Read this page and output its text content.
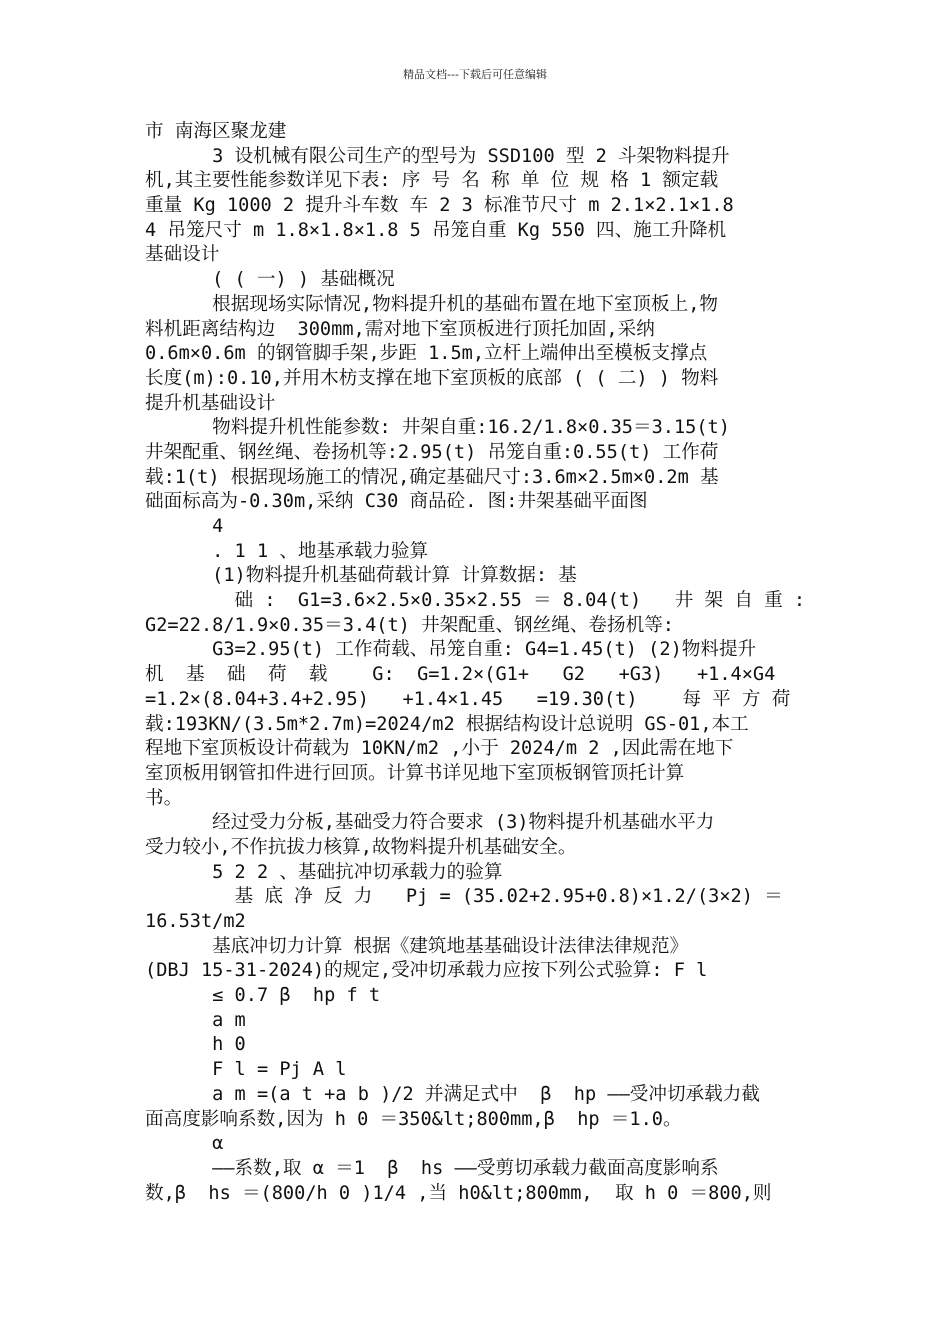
精品文档---下载后可任意编辑
市 南海区聚龙建
3 设机械有限公司生产的型号为 SSD100 型 2 斗架物料提升
机,其主要性能参数详见下表: 序 号 名 称 单 位 规 格 1 额定载
重量 Kg 1000 2 提升斗车数 车 2 3 标准节尺寸 m 2.1×2.1×1.8
4 吊笼尺寸 m 1.8×1.8×1.8 5 吊笼自重 Kg 550 四、施工升降机
基础设计
( ( 一) ) 基础概况
根据现场实际情况,物料提升机的基础布置在地下室顶板上,物
料机距离结构边  300mm,需对地下室顶板进行顶托加固,采纳
0.6m×0.6m 的钢管脚手架,步距 1.5m,立杆上端伸出至模板支撑点
长度(m):0.10,并用木枋支撑在地下室顶板的底部 ( ( 二) ) 物料
提升机基础设计
物料提升机性能参数: 井架自重:16.2/1.8×0.35＝3.15(t)
井架配重、钢丝绳、卷扬机等:2.95(t) 吊笼自重:0.55(t) 工作荷
载:1(t) 根据现场施工的情况,确定基础尺寸:3.6m×2.5m×0.2m 基
础面标高为-0.30m,采纳 C30 商品砼. 图:井架基础平面图
4
. 1 1 、地基承载力验算
(1)物料提升机基础荷载计算 计算数据: 基
础 :  G1=3.6×2.5×0.35×2.55 ＝ 8.04(t)   井 架 自 重 :
G2=22.8/1.9×0.35＝3.4(t) 井架配重、钢丝绳、卷扬机等:
G3=2.95(t) 工作荷载、吊笼自重: G4=1.45(t) (2)物料提升
机  基  础  荷  载    G:  G=1.2×(G1+   G2   +G3)   +1.4×G4
=1.2×(8.04+3.4+2.95)   +1.4×1.45   =19.30(t)    每 平 方 荷
载:193KN/(3.5m*2.7m)=2024/m2 根据结构设计总说明 GS-01,本工
程地下室顶板设计荷载为 10KN/m2 ,小于 2024/m 2 ,因此需在地下
室顶板用钢管扣件进行回顶。计算书详见地下室顶板钢管顶托计算
书。
经过受力分板,基础受力符合要求 (3)物料提升机基础水平力
受力较小,不作抗拔力核算,故物料提升机基础安全。
5 2 2 、基础抗冲切承载力的验算
基 底 净 反 力   Pj = (35.02+2.95+0.8)×1.2/(3×2) ＝
16.53t/m2
基底冲切力计算 根据《建筑地基基础设计法律法律规范》
(DBJ 15-31-2024)的规定,受冲切承载力应按下列公式验算: F l
≤ 0.7 β  hp f t
a m
h 0
F l = Pj A l
a m =(a t +a b )/2 并满足式中  β  hp ——受冲切承载力截
面高度影响系数,因为 h 0 ＝350&lt;800mm,β  hp ＝1.0。
α
——系数,取 α ＝1  β  hs ——受剪切承载力截面高度影响系
数,β  hs ＝(800/h 0 )1/4 ,当 h0&lt;800mm,  取 h 0 ＝800,则
